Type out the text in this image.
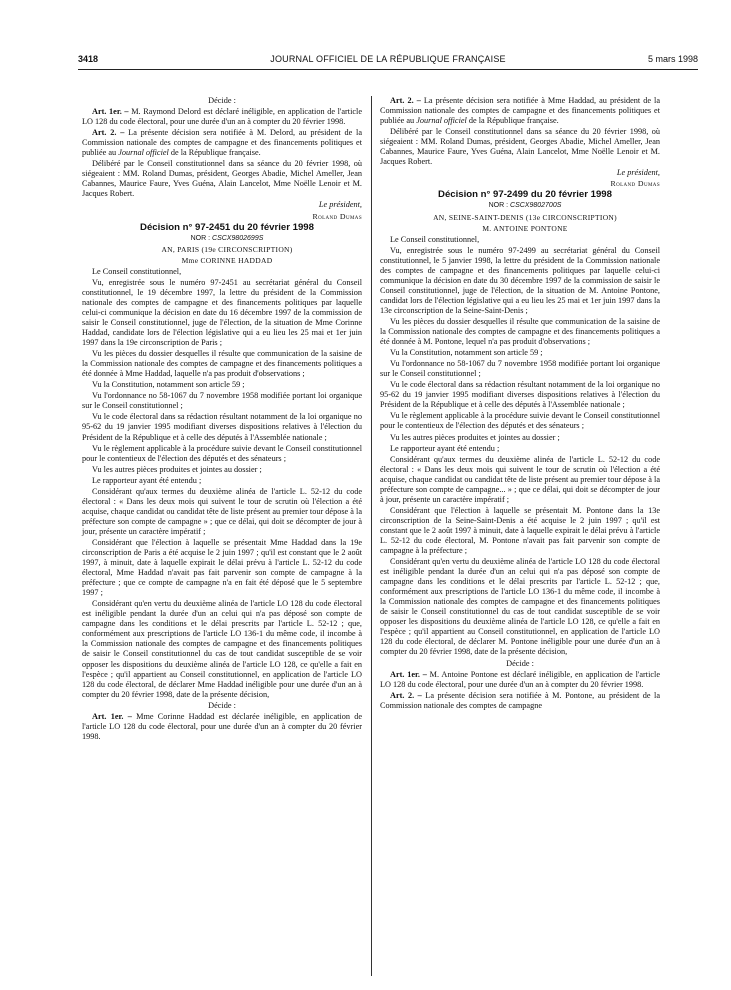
3418	JOURNAL OFFICIEL DE LA RÉPUBLIQUE FRANÇAISE	5 mars 1998

Décide :

Art. 1er. – M. Raymond Delord est déclaré inéligible, en application de l'article LO 128 du code électoral, pour une durée d'un an à compter du 20 février 1998.

Art. 2. – La présente décision sera notifiée à M. Delord, au président de la Commission nationale des comptes de campagne et des financements politiques et publiée au Journal officiel de la République française.

Délibéré par le Conseil constitutionnel dans sa séance du 20 février 1998, où siégeaient : MM. Roland Dumas, président, Georges Abadie, Michel Ameller, Jean Cabannes, Maurice Faure, Yves Guéna, Alain Lancelot, Mme Noëlle Lenoir et M. Jacques Robert.

Le président,

Roland Dumas

Décision n° 97-2451 du 20 février 1998

NOR : CSCX9802699S

AN, PARIS (19e CIRCONSCRIPTION)

Mme CORINNE HADDAD

Le Conseil constitutionnel,

Vu, enregistrée sous le numéro 97-2451 au secrétariat général du Conseil constitutionnel, le 19 décembre 1997, la lettre du président de la Commission nationale des comptes de campagne et des financements politiques par laquelle celui-ci communique la décision en date du 16 décembre 1997 de la commission de saisir le Conseil constitutionnel, juge de l'élection, de la situation de Mme Corinne Haddad, candidate lors de l'élection législative qui a eu lieu les 25 mai et 1er juin 1997 dans la 19e circonscription de Paris ;

Vu les pièces du dossier desquelles il résulte que communication de la saisine de la Commission nationale des comptes de campagne et des financements politiques a été donnée à Mme Haddad, laquelle n'a pas produit d'observations ;

Vu la Constitution, notamment son article 59 ;

Vu l'ordonnance no 58-1067 du 7 novembre 1958 modifiée portant loi organique sur le Conseil constitutionnel ;

Vu le code électoral dans sa rédaction résultant notamment de la loi organique no 95-62 du 19 janvier 1995 modifiant diverses dispositions relatives à l'élection du Président de la République et à celle des députés à l'Assemblée nationale ;

Vu le règlement applicable à la procédure suivie devant le Conseil constitutionnel pour le contentieux de l'élection des députés et des sénateurs ;

Vu les autres pièces produites et jointes au dossier ;

Le rapporteur ayant été entendu ;

Considérant qu'aux termes du deuxième alinéa de l'article L. 52-12 du code électoral : « Dans les deux mois qui suivent le tour de scrutin où l'élection a été acquise, chaque candidat ou candidat tête de liste présent au premier tour dépose à la préfecture son compte de campagne » ; que ce délai, qui doit se décompter de jour à jour, présente un caractère impératif ;

Considérant que l'élection à laquelle se présentait Mme Haddad dans la 19e circonscription de Paris a été acquise le 2 juin 1997 ; qu'il est constant que le 2 août 1997, à minuit, date à laquelle expirait le délai prévu à l'article L. 52-12 du code électoral, Mme Haddad n'avait pas fait parvenir son compte de campagne à la préfecture ; que ce compte de campagne n'a en fait été déposé que le 5 septembre 1997 ;

Considérant qu'en vertu du deuxième alinéa de l'article LO 128 du code électoral est inéligible pendant la durée d'un an celui qui n'a pas déposé son compte de campagne dans les conditions et le délai prescrits par l'article L. 52-12 ; que, conformément aux prescriptions de l'article LO 136-1 du même code, il incombe à la Commission nationale des comptes de campagne et des financements politiques de saisir le Conseil constitutionnel du cas de tout candidat susceptible de se voir opposer les dispositions du deuxième alinéa de l'article LO 128, ce qu'elle a fait en l'espèce ; qu'il appartient au Conseil constitutionnel, en application de l'article LO 128 du code électoral, de déclarer Mme Haddad inéligible pour une durée d'un an à compter du 20 février 1998, date de la présente décision,

Décide :

Art. 1er. – Mme Corinne Haddad est déclarée inéligible, en application de l'article LO 128 du code électoral, pour une durée d'un an à compter du 20 février 1998.

Art. 2. – La présente décision sera notifiée à Mme Haddad, au président de la Commission nationale des comptes de campagne et des financements politiques et publiée au Journal officiel de la République française.

Délibéré par le Conseil constitutionnel dans sa séance du 20 février 1998, où siégeaient : MM. Roland Dumas, président, Georges Abadie, Michel Ameller, Jean Cabannes, Maurice Faure, Yves Guéna, Alain Lancelot, Mme Noëlle Lenoir et M. Jacques Robert.

Le président,

Roland Dumas

Décision n° 97-2499 du 20 février 1998

NOR : CSCX9802700S

AN, SEINE-SAINT-DENIS (13e CIRCONSCRIPTION)

M. ANTOINE PONTONE

Le Conseil constitutionnel,

Vu, enregistrée sous le numéro 97-2499 au secrétariat général du Conseil constitutionnel, le 5 janvier 1998, la lettre du président de la Commission nationale des comptes de campagne et des financements politiques par laquelle celui-ci communique la décision en date du 30 décembre 1997 de la commission de saisir le Conseil constitutionnel, juge de l'élection, de la situation de M. Antoine Pontone, candidat lors de l'élection législative qui a eu lieu les 25 mai et 1er juin 1997 dans la 13e circonscription de la Seine-Saint-Denis ;

Vu les pièces du dossier desquelles il résulte que communication de la saisine de la Commission nationale des comptes de campagne et des financements politiques a été donnée à M. Pontone, lequel n'a pas produit d'observations ;

Vu la Constitution, notamment son article 59 ;

Vu l'ordonnance no 58-1067 du 7 novembre 1958 modifiée portant loi organique sur le Conseil constitutionnel ;

Vu le code électoral dans sa rédaction résultant notamment de la loi organique no 95-62 du 19 janvier 1995 modifiant diverses dispositions relatives à l'élection du Président de la République et à celle des députés à l'Assemblée nationale ;

Vu le règlement applicable à la procédure suivie devant le Conseil constitutionnel pour le contentieux de l'élection des députés et des sénateurs ;

Vu les autres pièces produites et jointes au dossier ;

Le rapporteur ayant été entendu ;

Considérant qu'aux termes du deuxième alinéa de l'article L. 52-12 du code électoral : « Dans les deux mois qui suivent le tour de scrutin où l'élection a été acquise, chaque candidat ou candidat tête de liste présent au premier tour dépose à la préfecture son compte de campagne... » ; que ce délai, qui doit se décompter de jour à jour, présente un caractère impératif ;

Considérant que l'élection à laquelle se présentait M. Pontone dans la 13e circonscription de la Seine-Saint-Denis a été acquise le 2 juin 1997 ; qu'il est constant que le 2 août 1997 à minuit, date à laquelle expirait le délai prévu à l'article L. 52-12 du code électoral, M. Pontone n'avait pas fait parvenir son compte de campagne à la préfecture ;

Considérant qu'en vertu du deuxième alinéa de l'article LO 128 du code électoral est inéligible pendant la durée d'un an celui qui n'a pas déposé son compte de campagne dans les conditions et le délai prescrits par l'article L. 52-12 ; que, conformément aux prescriptions de l'article LO 136-1 du même code, il incombe à la Commission nationale des comptes de campagne et des financements politiques de saisir le Conseil constitutionnel du cas de tout candidat susceptible de se voir opposer les dispositions du deuxième alinéa de l'article LO 128, ce qu'elle a fait en l'espèce ; qu'il appartient au Conseil constitutionnel, en application de l'article LO 128 du code électoral, de déclarer M. Pontone inéligible pour une durée d'un an à compter du 20 février 1998, date de la présente décision,

Décide :

Art. 1er. – M. Antoine Pontone est déclaré inéligible, en application de l'article LO 128 du code électoral, pour une durée d'un an à compter du 20 février 1998.

Art. 2. – La présente décision sera notifiée à M. Pontone, au président de la Commission nationale des comptes de campagne
